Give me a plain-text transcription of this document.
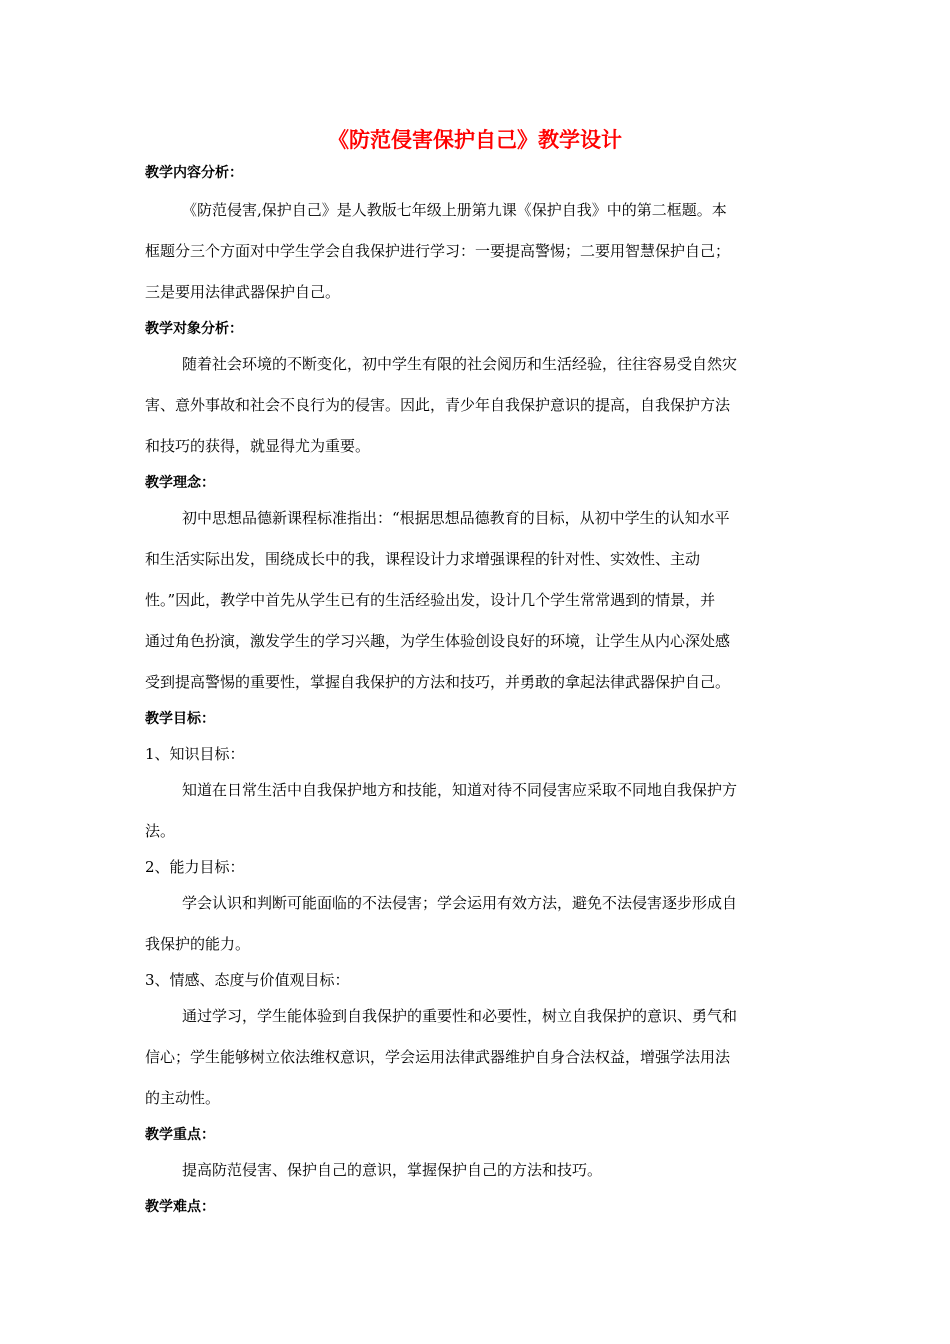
《防范侵害保护自己》教学设计
教学内容分析：
《防范侵害,保护自己》是人教版七年级上册第九课《保护自我》中的第二框题。本
框题分三个方面对中学生学会自我保护进行学习：一要提高警惕；二要用智慧保护自己；
三是要用法律武器保护自己。
教学对象分析：
随着社会环境的不断变化，初中学生有限的社会阅历和生活经验，往往容易受自然灾
害、意外事故和社会不良行为的侵害。因此，青少年自我保护意识的提高，自我保护方法
和技巧的获得，就显得尤为重要。
教学理念：
初中思想品德新课程标准指出：“根据思想品德教育的目标，从初中学生的认知水平
和生活实际出发，围绕成长中的我，课程设计力求增强课程的针对性、实效性、主动
性。”因此，教学中首先从学生已有的生活经验出发，设计几个学生常常遇到的情景，并
通过角色扮演，激发学生的学习兴趣，为学生体验创设良好的环境，让学生从内心深处感
受到提高警惕的重要性，掌握自我保护的方法和技巧，并勇敢的拿起法律武器保护自己。
教学目标：
1、知识目标：
知道在日常生活中自我保护地方和技能，知道对待不同侵害应采取不同地自我保护方
法。
2、能力目标：
学会认识和判断可能面临的不法侵害；学会运用有效方法，避免不法侵害逐步形成自
我保护的能力。
3、情感、态度与价值观目标：
通过学习，学生能体验到自我保护的重要性和必要性，树立自我保护的意识、勇气和
信心；学生能够树立依法维权意识，学会运用法律武器维护自身合法权益，增强学法用法
的主动性。
教学重点：
提高防范侵害、保护自己的意识，掌握保护自己的方法和技巧。
教学难点：
